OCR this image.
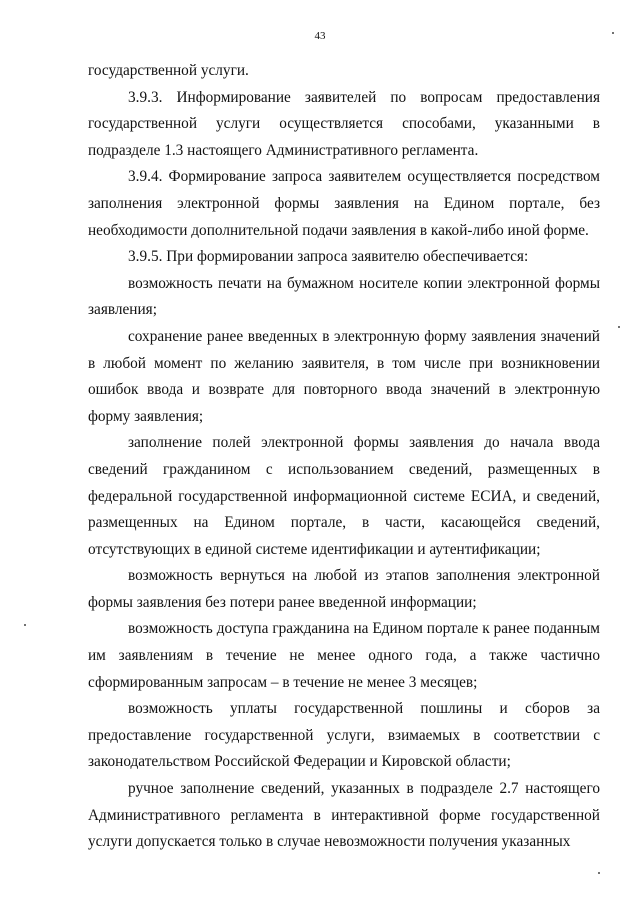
43

государственной услуги.

3.9.3. Информирование заявителей по вопросам предоставления государственной услуги осуществляется способами, указанными в подразделе 1.3 настоящего Административного регламента.

3.9.4. Формирование запроса заявителем осуществляется посредством заполнения электронной формы заявления на Едином портале, без необходимости дополнительной подачи заявления в какой-либо иной форме.

3.9.5. При формировании запроса заявителю обеспечивается:

возможность печати на бумажном носителе копии электронной формы заявления;

сохранение ранее введенных в электронную форму заявления значений в любой момент по желанию заявителя, в том числе при возникновении ошибок ввода и возврате для повторного ввода значений в электронную форму заявления;

заполнение полей электронной формы заявления до начала ввода сведений гражданином с использованием сведений, размещенных в федеральной государственной информационной системе ЕСИА, и сведений, размещенных на Едином портале, в части, касающейся сведений, отсутствующих в единой системе идентификации и аутентификации;

возможность вернуться на любой из этапов заполнения электронной формы заявления без потери ранее введенной информации;

возможность доступа гражданина на Едином портале к ранее поданным им заявлениям в течение не менее одного года, а также частично сформированным запросам – в течение не менее 3 месяцев;

возможность уплаты государственной пошлины и сборов за предоставление государственной услуги, взимаемых в соответствии с законодательством Российской Федерации и Кировской области;

ручное заполнение сведений, указанных в подразделе 2.7 настоящего Административного регламента в интерактивной форме государственной услуги допускается только в случае невозможности получения указанных
